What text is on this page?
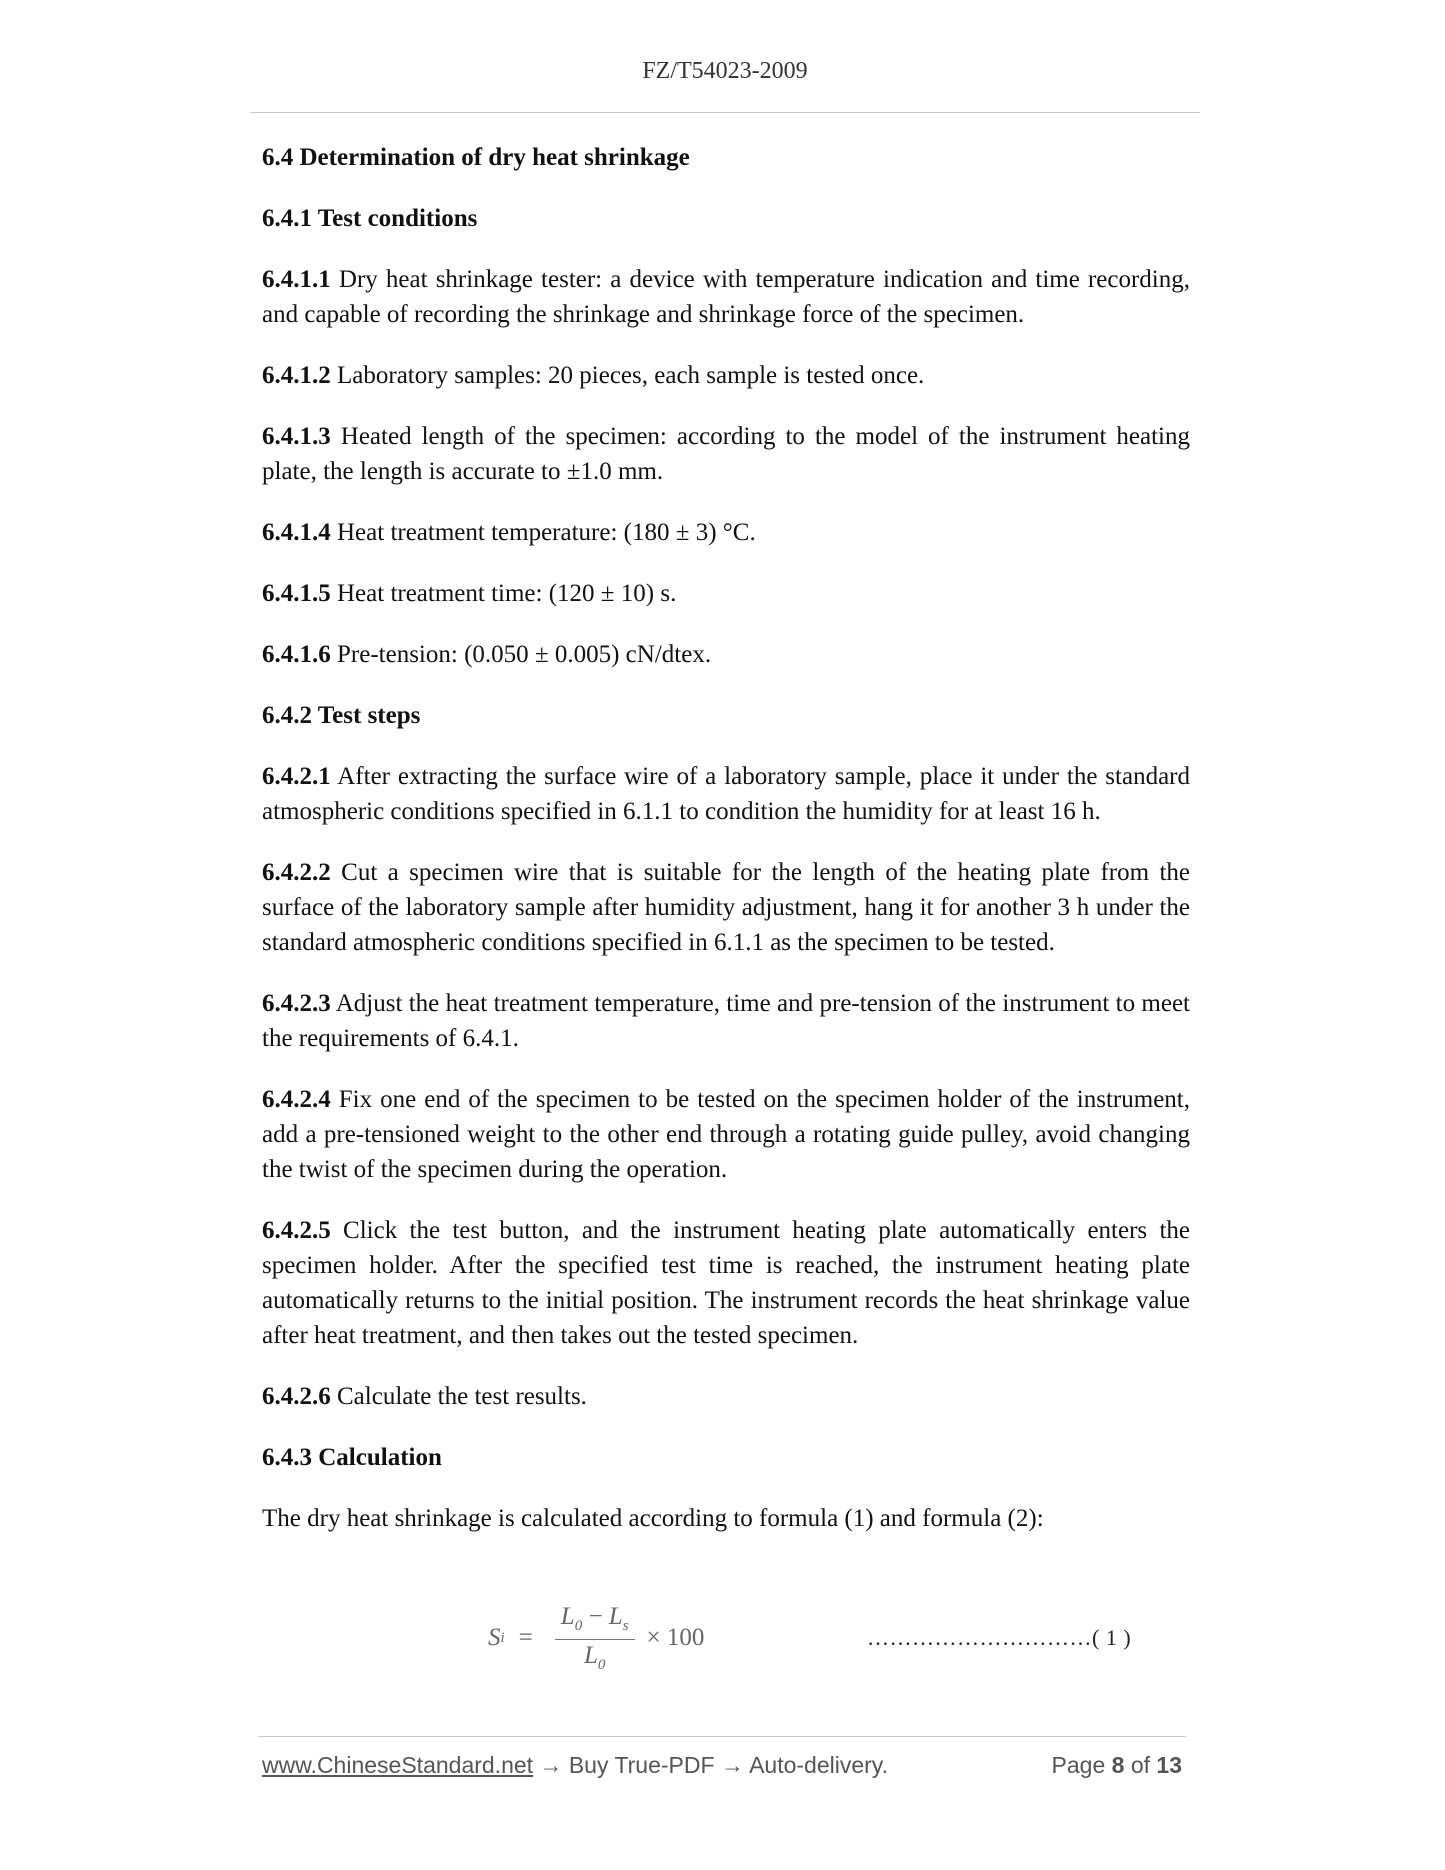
FZ/T54023-2009
6.4 Determination of dry heat shrinkage
6.4.1 Test conditions
6.4.1.1 Dry heat shrinkage tester: a device with temperature indication and time recording, and capable of recording the shrinkage and shrinkage force of the specimen.
6.4.1.2 Laboratory samples: 20 pieces, each sample is tested once.
6.4.1.3 Heated length of the specimen: according to the model of the instrument heating plate, the length is accurate to ±1.0 mm.
6.4.1.4 Heat treatment temperature: (180 ± 3) °C.
6.4.1.5 Heat treatment time: (120 ± 10) s.
6.4.1.6 Pre-tension: (0.050 ± 0.005) cN/dtex.
6.4.2 Test steps
6.4.2.1 After extracting the surface wire of a laboratory sample, place it under the standard atmospheric conditions specified in 6.1.1 to condition the humidity for at least 16 h.
6.4.2.2 Cut a specimen wire that is suitable for the length of the heating plate from the surface of the laboratory sample after humidity adjustment, hang it for another 3 h under the standard atmospheric conditions specified in 6.1.1 as the specimen to be tested.
6.4.2.3 Adjust the heat treatment temperature, time and pre-tension of the instrument to meet the requirements of 6.4.1.
6.4.2.4 Fix one end of the specimen to be tested on the specimen holder of the instrument, add a pre-tensioned weight to the other end through a rotating guide pulley, avoid changing the twist of the specimen during the operation.
6.4.2.5 Click the test button, and the instrument heating plate automatically enters the specimen holder. After the specified test time is reached, the instrument heating plate automatically returns to the initial position. The instrument records the heat shrinkage value after heat treatment, and then takes out the tested specimen.
6.4.2.6 Calculate the test results.
6.4.3 Calculation
The dry heat shrinkage is calculated according to formula (1) and formula (2):
S $i = \frac{L_0 - L_s}{L_0} \times 100$	…………………………( 1 )
www.ChineseStandard.net → Buy True-PDF → Auto-delivery.	Page 8 of 13
